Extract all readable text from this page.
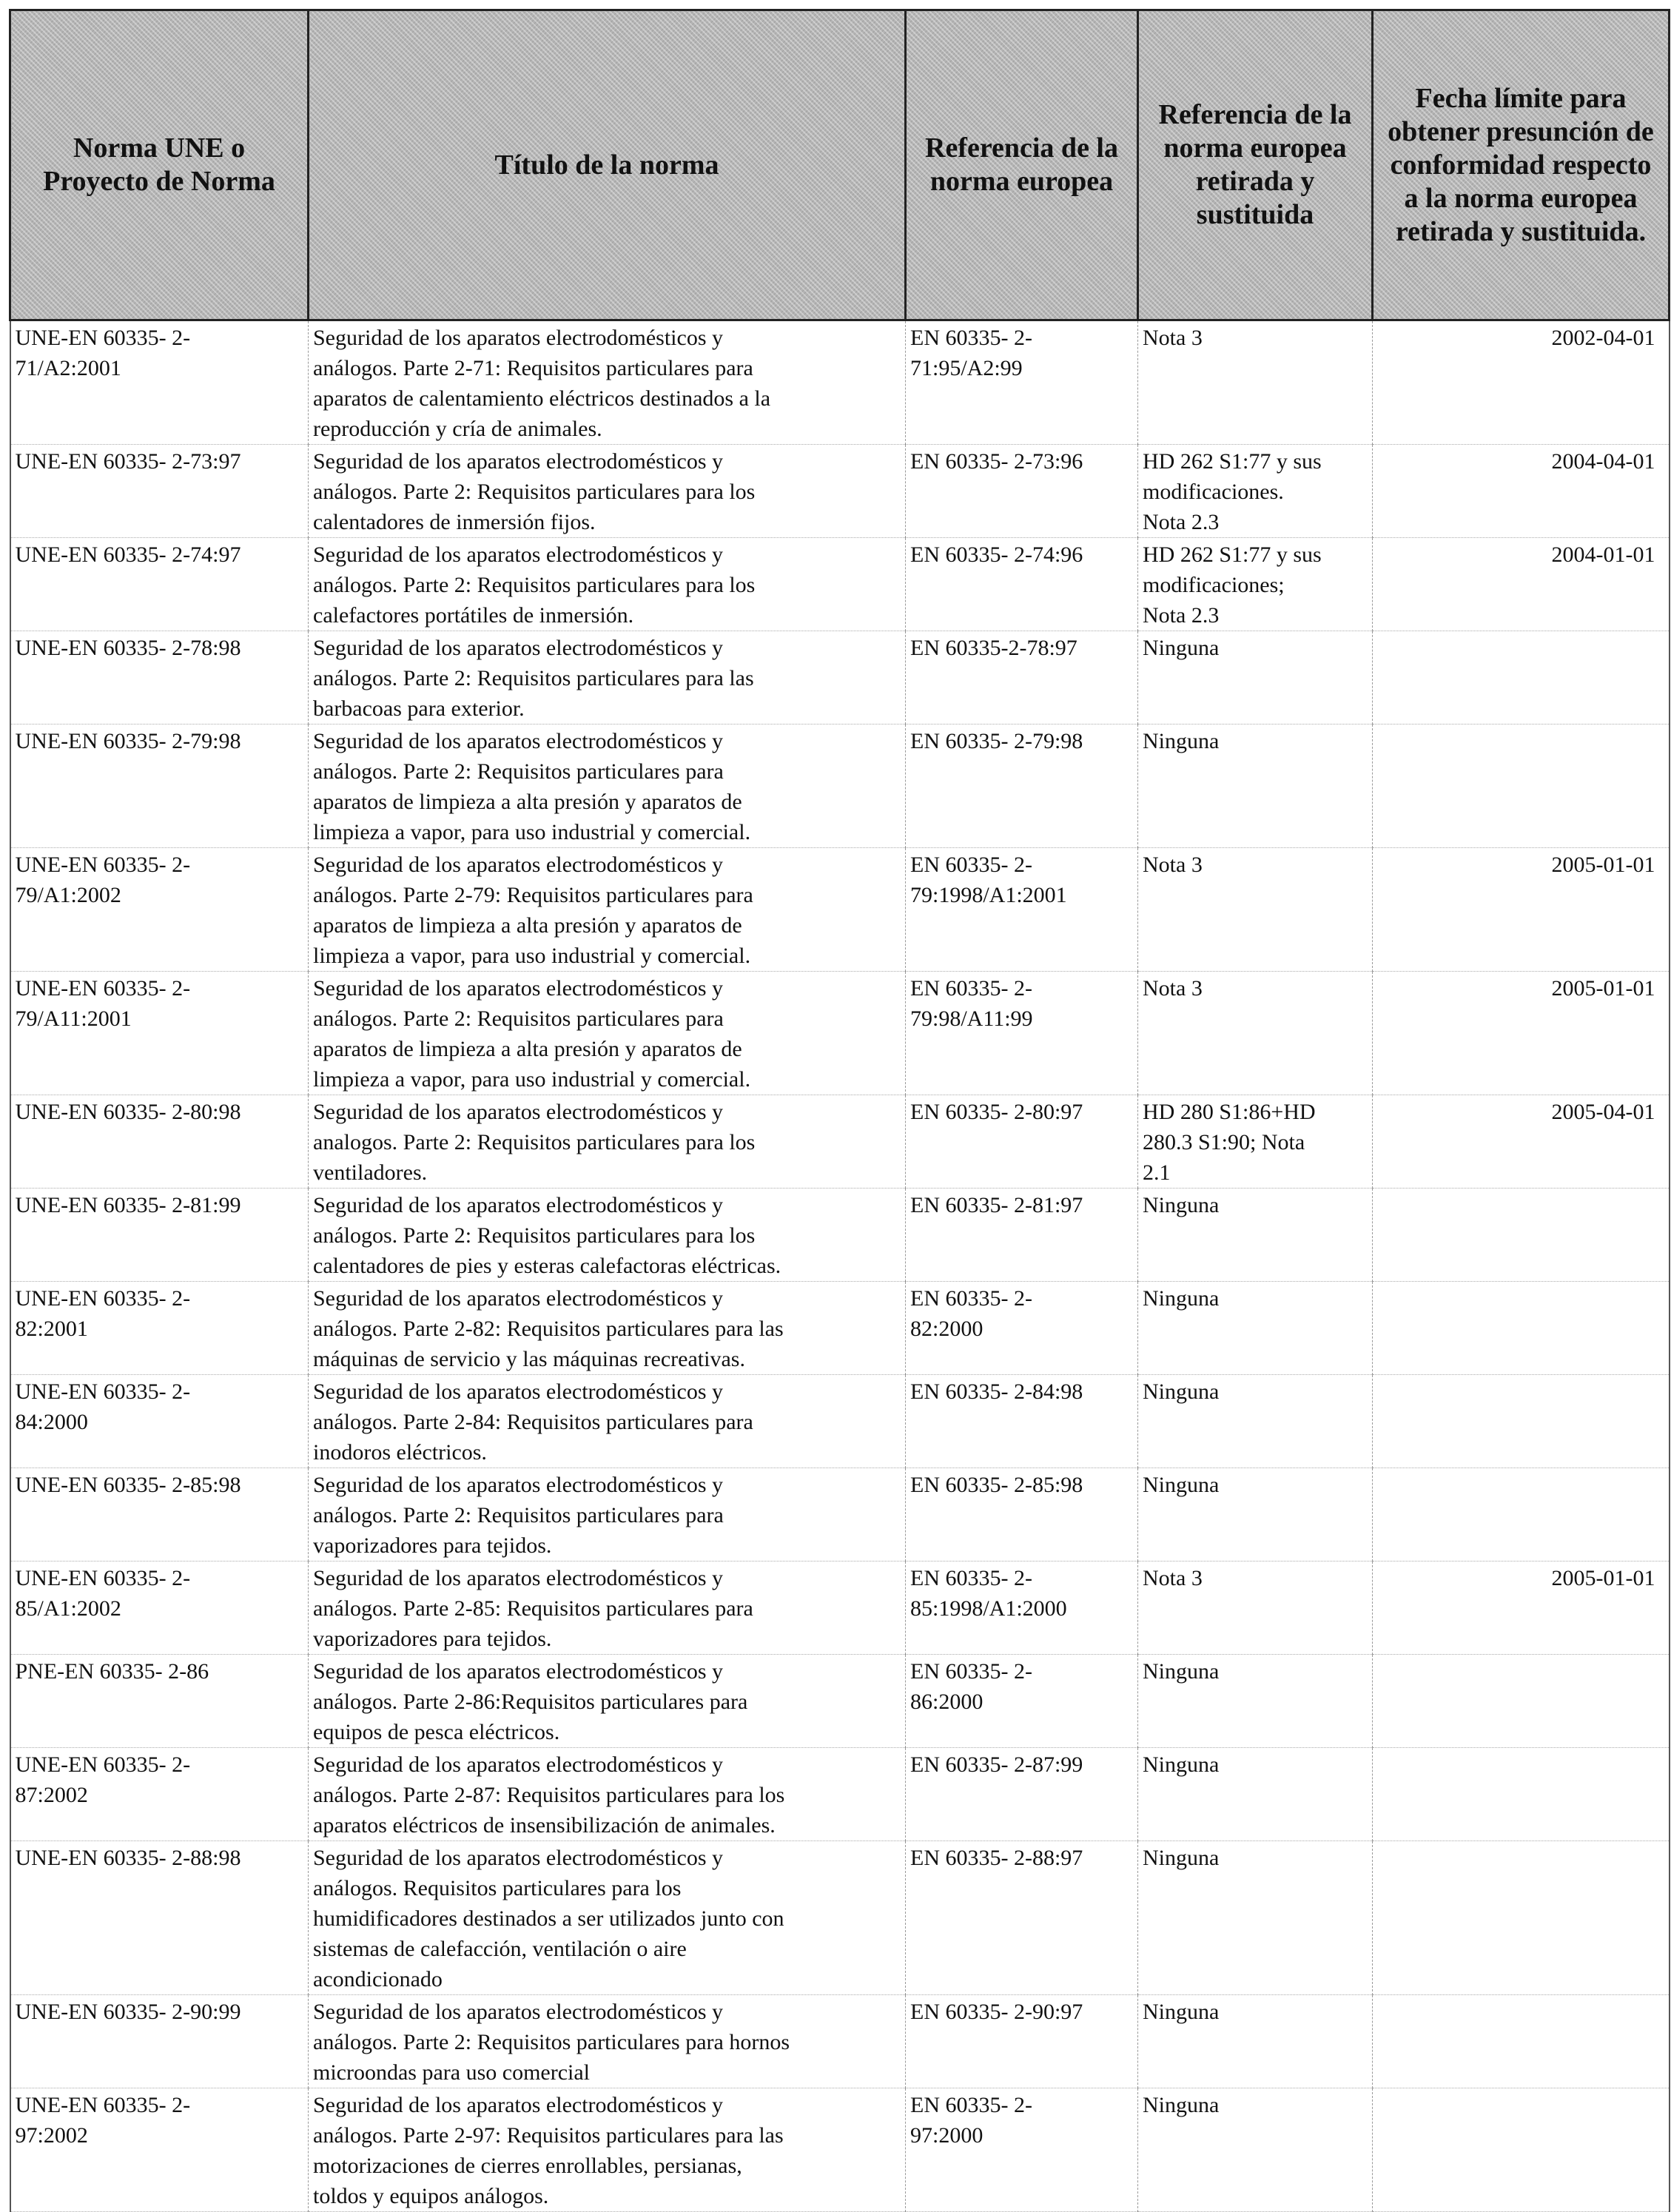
Norma UNE o Proyecto de Norma	Título de la norma	Referencia de la norma europea	Referencia de la norma europea retirada y sustituida	Fecha límite para obtener presunción de conformidad respecto a la norma europea retirada y sustituida.

UNE-EN 60335- 2-
71/A2:2001	Seguridad de los aparatos electrodomésticos y
análogos. Parte 2-71: Requisitos particulares para
aparatos de calentamiento eléctricos destinados a la
reproducción y cría de animales.	EN 60335- 2-
71:95/A2:99	Nota 3	2002-04-01
UNE-EN 60335- 2-73:97	Seguridad de los aparatos electrodomésticos y
análogos. Parte 2: Requisitos particulares para los
calentadores de inmersión fijos.	EN 60335- 2-73:96	HD 262 S1:77 y sus
modificaciones.
Nota 2.3	2004-04-01
UNE-EN 60335- 2-74:97	Seguridad de los aparatos electrodomésticos y
análogos. Parte 2: Requisitos particulares para los
calefactores portátiles de inmersión.	EN 60335- 2-74:96	HD 262 S1:77 y sus
modificaciones;
Nota 2.3	2004-01-01
UNE-EN 60335- 2-78:98	Seguridad de los aparatos electrodomésticos y
análogos. Parte 2: Requisitos particulares para las
barbacoas para exterior.	EN 60335-2-78:97	Ninguna	
UNE-EN 60335- 2-79:98	Seguridad de los aparatos electrodomésticos y
análogos. Parte 2: Requisitos particulares para
aparatos de limpieza a alta presión y aparatos de
limpieza a vapor, para uso industrial y comercial.	EN 60335- 2-79:98	Ninguna	
UNE-EN 60335- 2-
79/A1:2002	Seguridad de los aparatos electrodomésticos y
análogos. Parte 2-79: Requisitos particulares para
aparatos de limpieza a alta presión y aparatos de
limpieza a vapor, para uso industrial y comercial.	EN 60335- 2-
79:1998/A1:2001	Nota 3	2005-01-01
UNE-EN 60335- 2-
79/A11:2001	Seguridad de los aparatos electrodomésticos y
análogos. Parte 2: Requisitos particulares para
aparatos de limpieza a alta presión y aparatos de
limpieza a vapor, para uso industrial y comercial.	EN 60335- 2-
79:98/A11:99	Nota 3	2005-01-01
UNE-EN 60335- 2-80:98	Seguridad de los aparatos electrodomésticos y
analogos. Parte 2: Requisitos particulares para los
ventiladores.	EN 60335- 2-80:97	HD 280 S1:86+HD
280.3 S1:90; Nota
2.1	2005-04-01
UNE-EN 60335- 2-81:99	Seguridad de los aparatos electrodomésticos y
análogos. Parte 2: Requisitos particulares para los
calentadores de pies y esteras calefactoras eléctricas.	EN 60335- 2-81:97	Ninguna	
UNE-EN 60335- 2-
82:2001	Seguridad de los aparatos electrodomésticos y
análogos. Parte 2-82: Requisitos particulares para las
máquinas de servicio y las máquinas recreativas.	EN 60335- 2-
82:2000	Ninguna	
UNE-EN 60335- 2-
84:2000	Seguridad de los aparatos electrodomésticos y
análogos. Parte 2-84: Requisitos particulares para
inodoros eléctricos.	EN 60335- 2-84:98	Ninguna	
UNE-EN 60335- 2-85:98	Seguridad de los aparatos electrodomésticos y
análogos. Parte 2: Requisitos particulares para
vaporizadores para tejidos.	EN 60335- 2-85:98	Ninguna	
UNE-EN 60335- 2-
85/A1:2002	Seguridad de los aparatos electrodomésticos y
análogos. Parte 2-85: Requisitos particulares para
vaporizadores para tejidos.	EN 60335- 2-
85:1998/A1:2000	Nota 3	2005-01-01
PNE-EN 60335- 2-86	Seguridad de los aparatos electrodomésticos y
análogos. Parte 2-86:Requisitos particulares para
equipos de pesca eléctricos.	EN 60335- 2-
86:2000	Ninguna	
UNE-EN 60335- 2-
87:2002	Seguridad de los aparatos electrodomésticos y
análogos. Parte 2-87: Requisitos particulares para los
aparatos eléctricos de insensibilización de animales.	EN 60335- 2-87:99	Ninguna	
UNE-EN 60335- 2-88:98	Seguridad de los aparatos electrodomésticos y
análogos. Requisitos particulares para los
humidificadores destinados a ser utilizados junto con
sistemas de calefacción, ventilación o aire
acondicionado	EN 60335- 2-88:97	Ninguna	
UNE-EN 60335- 2-90:99	Seguridad de los aparatos electrodomésticos y
análogos. Parte 2: Requisitos particulares para hornos
microondas para uso comercial	EN 60335- 2-90:97	Ninguna	
UNE-EN 60335- 2-
97:2002	Seguridad de los aparatos electrodomésticos y
análogos. Parte 2-97: Requisitos particulares para las
motorizaciones de cierres enrollables, persianas,
toldos y equipos análogos.	EN 60335- 2-
97:2000	Ninguna	
